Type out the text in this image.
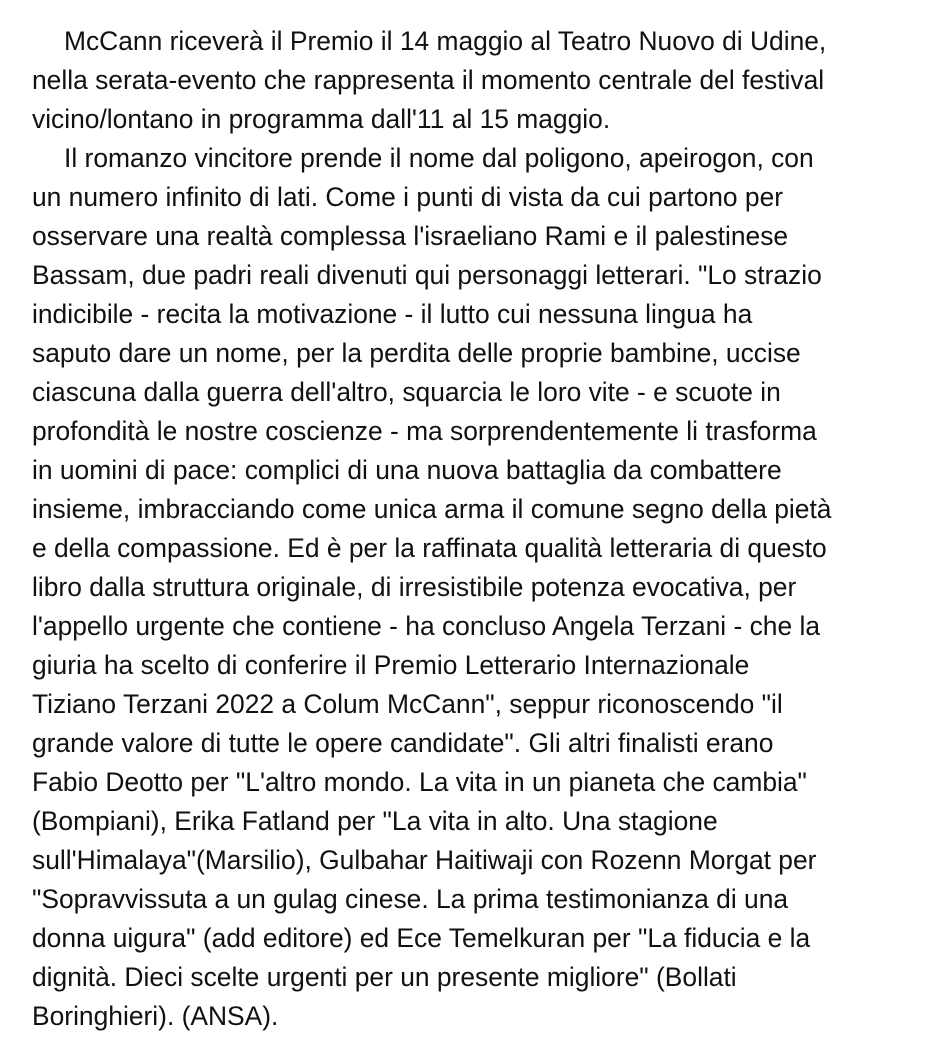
McCann riceverà il Premio il 14 maggio al Teatro Nuovo di Udine,
nella serata-evento che rappresenta il momento centrale del festival
vicino/lontano in programma dall'11 al 15 maggio.
Il romanzo vincitore prende il nome dal poligono, apeirogon, con
un numero infinito di lati. Come i punti di vista da cui partono per
osservare una realtà complessa l'israeliano Rami e il palestinese
Bassam, due padri reali divenuti qui personaggi letterari. "Lo strazio
indicibile - recita la motivazione - il lutto cui nessuna lingua ha
saputo dare un nome, per la perdita delle proprie bambine, uccise
ciascuna dalla guerra dell'altro, squarcia le loro vite - e scuote in
profondità le nostre coscienze - ma sorprendentemente li trasforma
in uomini di pace: complici di una nuova battaglia da combattere
insieme, imbracciando come unica arma il comune segno della pietà
e della compassione. Ed è per la raffinata qualità letteraria di questo
libro dalla struttura originale, di irresistibile potenza evocativa, per
l'appello urgente che contiene - ha concluso Angela Terzani - che la
giuria ha scelto di conferire il Premio Letterario Internazionale
Tiziano Terzani 2022 a Colum McCann", seppur riconoscendo "il
grande valore di tutte le opere candidate". Gli altri finalisti erano
Fabio Deotto per "L'altro mondo. La vita in un pianeta che cambia"
(Bompiani), Erika Fatland per "La vita in alto. Una stagione
sull'Himalaya"(Marsilio), Gulbahar Haitiwaji con Rozenn Morgat per
"Sopravvissuta a un gulag cinese. La prima testimonianza di una
donna uigura" (add editore) ed Ece Temelkuran per "La fiducia e la
dignità. Dieci scelte urgenti per un presente migliore" (Bollati
Boringhieri). (ANSA).
